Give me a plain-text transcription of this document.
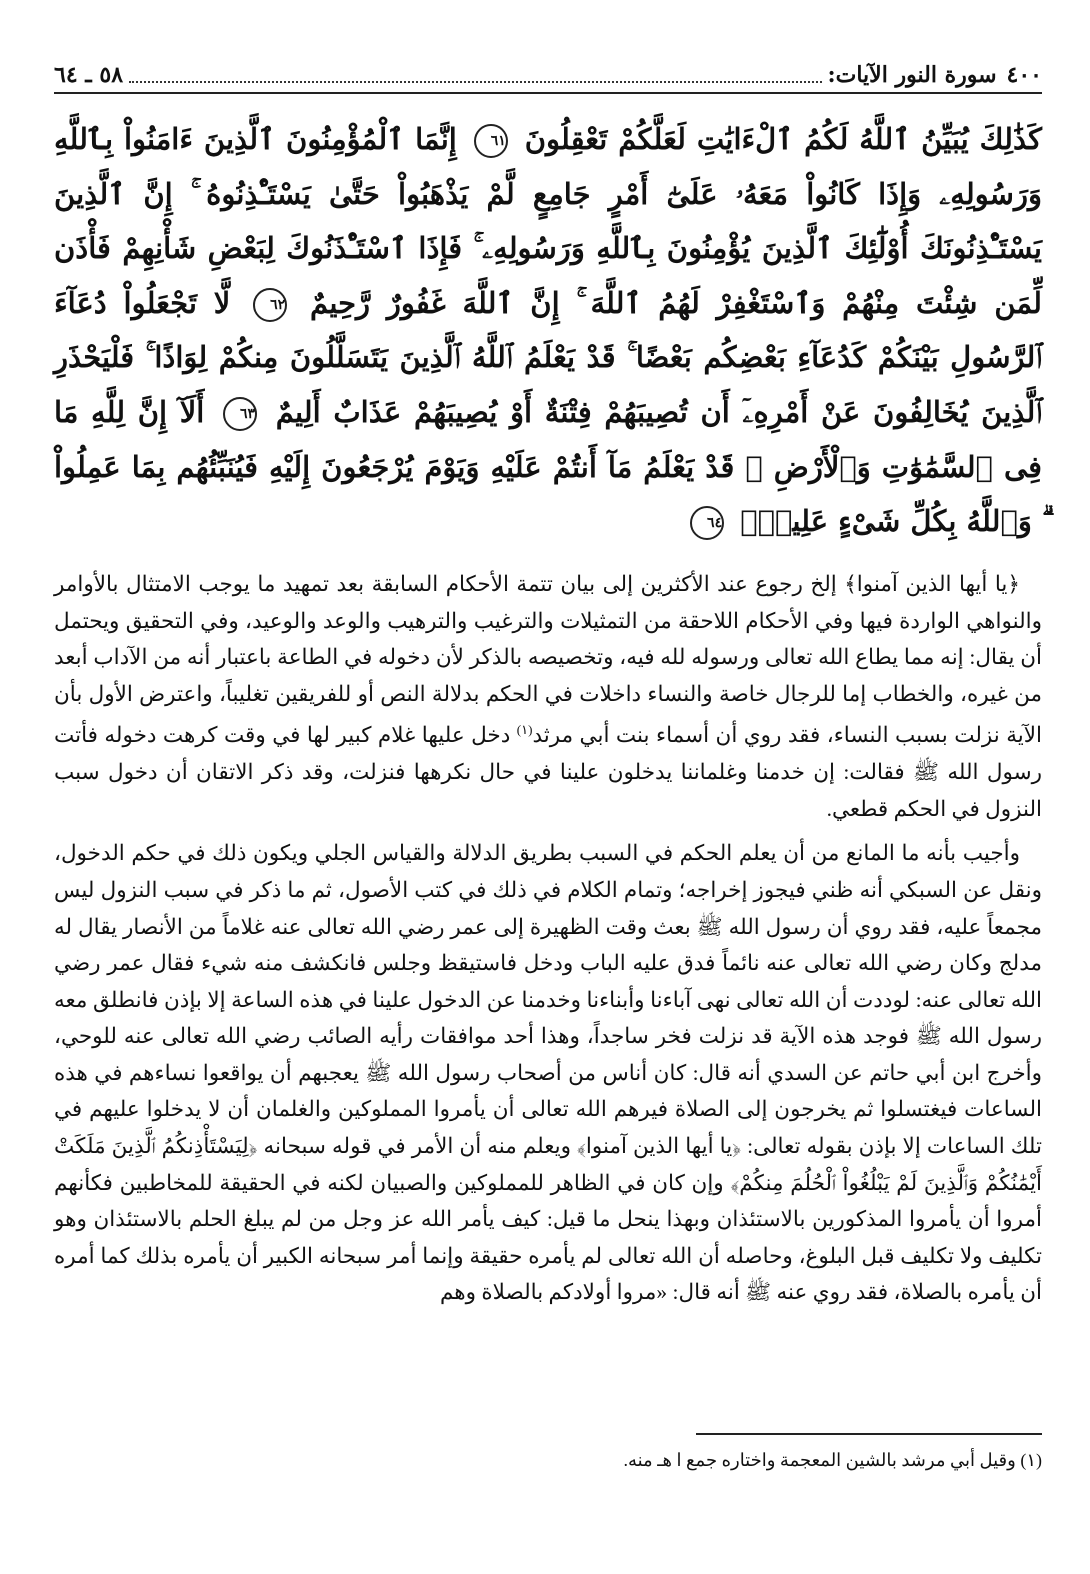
٤٠٠
سورة النور الآيات:
٥٨ ـ ٦٤
كَذَٰلِكَ يُبَيِّنُ ٱللَّهُ لَكُمُ ٱلْءَايَٰتِ لَعَلَّكُمْ تَعْقِلُونَ ٦١ إِنَّمَا ٱلْمُؤْمِنُونَ ٱلَّذِينَ ءَامَنُواْ بِٱللَّهِ وَرَسُولِهِۦ وَإِذَا كَانُواْ مَعَهُۥ عَلَىٰٓ أَمْرٍ جَامِعٍ لَّمْ يَذْهَبُواْ حَتَّىٰ يَسْتَـْٔذِنُوهُ ۚ إِنَّ ٱلَّذِينَ يَسْتَـْٔذِنُونَكَ أُوْلَٰٓئِكَ ٱلَّذِينَ يُؤْمِنُونَ بِٱللَّهِ وَرَسُولِهِۦ ۚ فَإِذَا ٱسْتَـْٔذَنُوكَ لِبَعْضِ شَأْنِهِمْ فَأْذَن لِّمَن شِئْتَ مِنْهُمْ وَٱسْتَغْفِرْ لَهُمُ ٱللَّهَ ۚ إِنَّ ٱللَّهَ غَفُورٌ رَّحِيمٌ ٦٢ لَّا تَجْعَلُواْ دُعَآءَ ٱلرَّسُولِ بَيْنَكُمْ كَدُعَآءِ بَعْضِكُم بَعْضًا ۚ قَدْ يَعْلَمُ ٱللَّهُ ٱلَّذِينَ يَتَسَلَّلُونَ مِنكُمْ لِوَاذًا ۚ فَلْيَحْذَرِ ٱلَّذِينَ يُخَالِفُونَ عَنْ أَمْرِهِۦٓ أَن تُصِيبَهُمْ فِتْنَةٌ أَوْ يُصِيبَهُمْ عَذَابٌ أَلِيمٌ ٦٣ أَلَآ إِنَّ لِلَّهِ مَا فِى ٱلسَّمَٰوَٰتِ وَٱلْأَرْضِ ۖ قَدْ يَعْلَمُ مَآ أَنتُمْ عَلَيْهِ وَيَوْمَ يُرْجَعُونَ إِلَيْهِ فَيُنَبِّئُهُم بِمَا عَمِلُواْ ۗ وَٱللَّهُ بِكُلِّ شَىْءٍ عَلِيمٌۢ ٦٤

﴿يا أيها الذين آمنوا﴾ إلخ رجوع عند الأكثرين إلى بيان تتمة الأحكام السابقة بعد تمهيد ما يوجب الامتثال بالأوامر والنواهي الواردة فيها وفي الأحكام اللاحقة من التمثيلات والترغيب والترهيب والوعد والوعيد، وفي التحقيق ويحتمل أن يقال: إنه مما يطاع الله تعالى ورسوله لله فيه، وتخصيصه بالذكر لأن دخوله في الطاعة باعتبار أنه من الآداب أبعد من غيره، والخطاب إما للرجال خاصة والنساء داخلات في الحكم بدلالة النص أو للفريقين تغليباً، واعترض الأول بأن الآية نزلت بسبب النساء، فقد روي أن أسماء بنت أبي مرثد$^{(١)}$ دخل عليها غلام كبير لها في وقت كرهت دخوله فأتت رسول الله ﷺ فقالت: إن خدمنا وغلماننا يدخلون علينا في حال نكرهها فنزلت، وقد ذكر الاتقان أن دخول سبب النزول في الحكم قطعي.

وأجيب بأنه ما المانع من أن يعلم الحكم في السبب بطريق الدلالة والقياس الجلي ويكون ذلك في حكم الدخول، ونقل عن السبكي أنه ظني فيجوز إخراجه؛ وتمام الكلام في ذلك في كتب الأصول، ثم ما ذكر في سبب النزول ليس مجمعاً عليه، فقد روي أن رسول الله ﷺ بعث وقت الظهيرة إلى عمر رضي الله تعالى عنه غلاماً من الأنصار يقال له مدلج وكان رضي الله تعالى عنه نائماً فدق عليه الباب ودخل فاستيقظ وجلس فانكشف منه شيء فقال عمر رضي الله تعالى عنه: لوددت أن الله تعالى نهى آباءنا وأبناءنا وخدمنا عن الدخول علينا في هذه الساعة إلا بإذن فانطلق معه رسول الله ﷺ فوجد هذه الآية قد نزلت فخر ساجداً، وهذا أحد موافقات رأيه الصائب رضي الله تعالى عنه للوحي، وأخرج ابن أبي حاتم عن السدي أنه قال: كان أناس من أصحاب رسول الله ﷺ يعجبهم أن يواقعوا نساءهم في هذه الساعات فيغتسلوا ثم يخرجون إلى الصلاة فيرهم الله تعالى أن يأمروا المملوكين والغلمان أن لا يدخلوا عليهم في تلك الساعات إلا بإذن بقوله تعالى: ﴿يا أيها الذين آمنوا﴾ ويعلم منه أن الأمر في قوله سبحانه ﴿لِيَسْتَأْذِنكُمُ ٱلَّذِينَ مَلَكَتْ أَيْمَٰنُكُمْ وَٱلَّذِينَ لَمْ يَبْلُغُواْ ٱلْحُلُمَ مِنكُمْ﴾ وإن كان في الظاهر للمملوكين والصبيان لكنه في الحقيقة للمخاطبين فكأنهم أمروا أن يأمروا المذكورين بالاستئذان وبهذا ينحل ما قيل: كيف يأمر الله عز وجل من لم يبلغ الحلم بالاستئذان وهو تكليف ولا تكليف قبل البلوغ، وحاصله أن الله تعالى لم يأمره حقيقة وإنما أمر سبحانه الكبير أن يأمره بذلك كما أمره أن يأمره بالصلاة، فقد روي عنه ﷺ أنه قال: «مروا أولادكم بالصلاة وهم

(١) وقيل أبي مرشد بالشين المعجمة واختاره جمع ا هـ منه.
